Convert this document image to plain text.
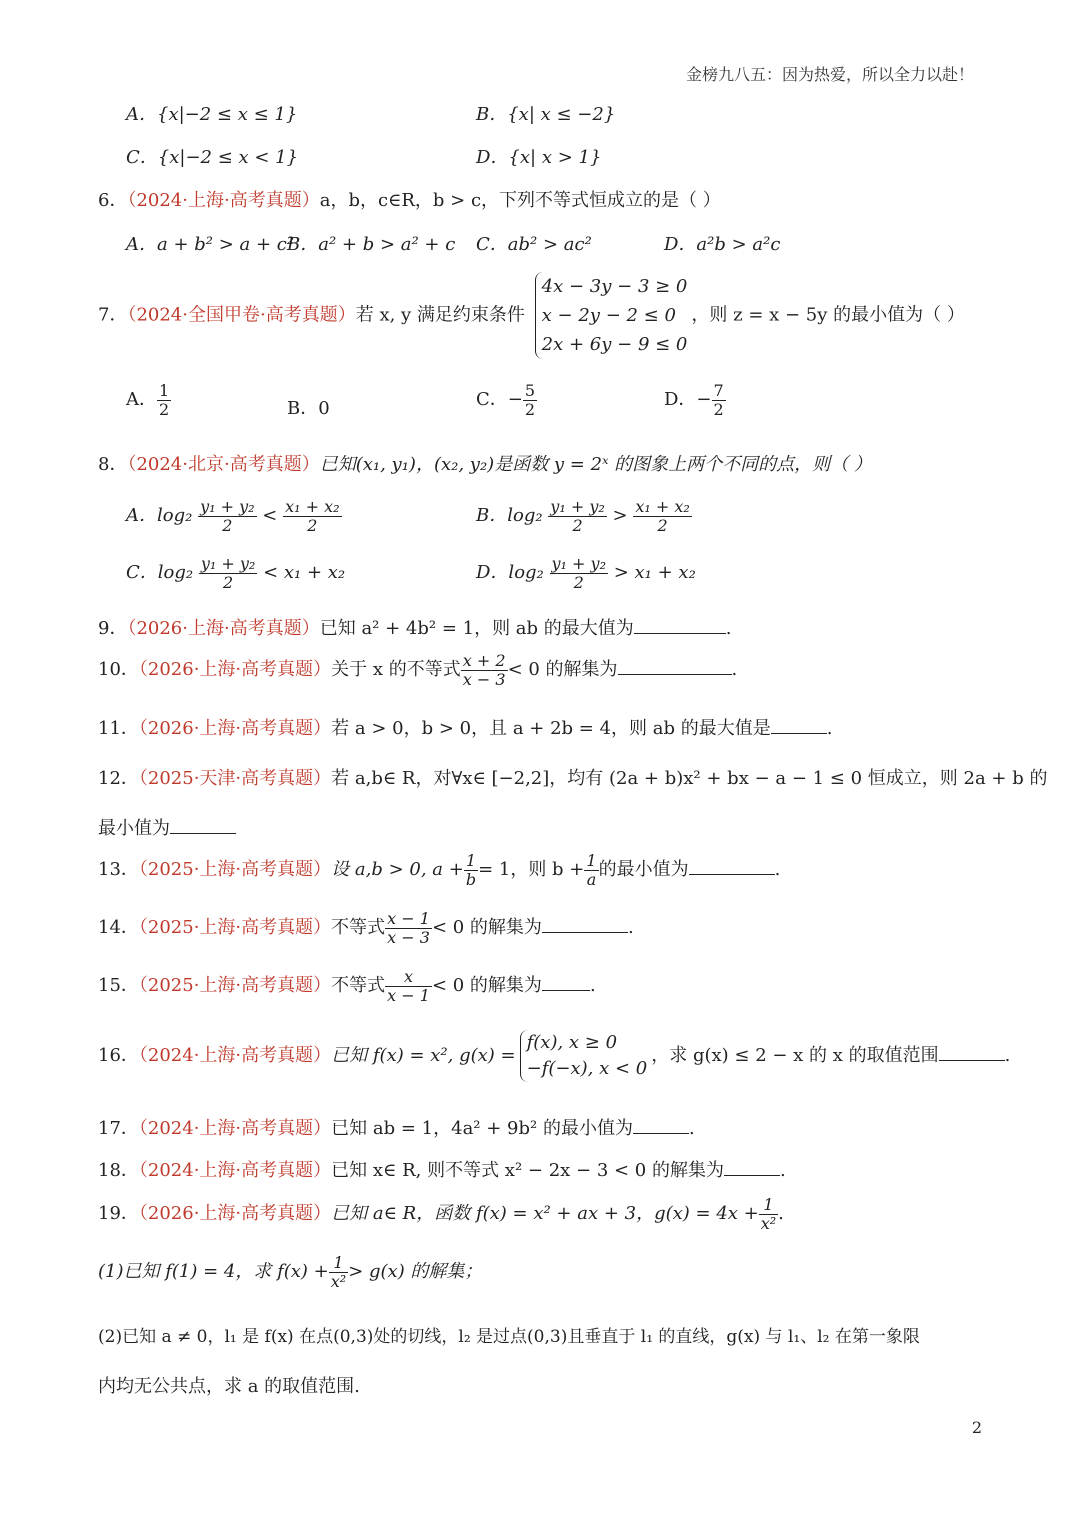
金榜九八五：因为热爱，所以全力以赴！
A．{x|−2 ≤ x ≤ 1}	B．{x| x ≤ −2}
C．{x|−2 ≤ x < 1}	D．{x| x > 1}
6．（2024·上海·高考真题）a，b，c∈R，b > c，下列不等式恒成立的是（ ）
A．a + b² > a + c²
B．a² + b > a² + c C．ab² > ac²	D．a²b > a²c
7．（2024·全国甲卷·高考真题）若 x, y 满足约束条件
4x − 3y − 3 ≥ 0
x − 2y − 2 ≤ 0
2x + 6y − 9 ≤ 0
，则 z = x − 5y 的最小值为（ ）
A． $\frac{1}{2}$	B．0	C．− $\frac{5}{2}$	D．− $\frac{7}{2}$
8．（2024·北京·高考真题）已知(x₁, y₁)，(x₂, y₂)是函数 y = 2ˣ 的图象上两个不同的点，则（ ）
A．$\log_2 \frac{\text{y₁ + y₂}}{2} < \frac{\text{x₁ + x₂}}{2}$	B．$\log_2 \frac{\text{y₁ + y₂}}{2} > \frac{\text{x₁ + x₂}}{2}$
C．$\log_2 \frac{\text{y₁ + y₂}}{2} < x_1 + x_2$	D．$\log_2 \frac{\text{y₁ + y₂}}{2} > x_1 + x_2$
9．（2026·上海·高考真题）已知 a² + 4b² = 1，则 ab 的最大值为	.
10．（2026·上海·高考真题）关于 x 的不等式 $\frac{x + 2}{x - 3} < 0$ 的解集为	.
11．（2026·上海·高考真题）若 a > 0，b > 0，且 a + 2b = 4，则 ab 的最大值是	.
12．（2025·天津·高考真题）若 a,b∈ R，对∀x∈ [−2,2]，均有 (2a + b)x² + bx − a − 1 ≤ 0 恒成立，则 2a + b 的
最小值为
13．（2025·上海·高考真题）设 a,b > 0, $a + \frac{1}{b} = 1$，则 $b + \frac{1}{a}$ 的最小值为	.
14．（2025·上海·高考真题）不等式 $\frac{x - 1}{x - 3} < 0$ 的解集为	.
15．（2025·上海·高考真题）不等式 $\frac{x}{x - 1} < 0$ 的解集为	.
16．（2024·上海·高考真题）已知 f(x) = x², g(x) =
f(x), x ≥ 0
−f(−x), x < 0
，求 g(x) ≤ 2 − x 的 x 的取值范围	.
17．（2024·上海·高考真题）已知 ab = 1，4a² + 9b² 的最小值为	.
18．（2024·上海·高考真题）已知 x∈ R, 则不等式 x² − 2x − 3 < 0 的解集为	.
19．（2026·上海·高考真题）已知 a∈ R，函数 f(x) = x² + ax + 3，$g(x) = 4x + \frac{1}{\text{x²}}$ .
(1)已知 f(1) = 4，求 $f(x) + \frac{1}{\text{x²}} > g(x)$ 的解集；
(2)已知 a ≠ 0，l₁ 是 f(x) 在点(0,3)处的切线，l₂ 是过点(0,3)且垂直于 l₁ 的直线，g(x) 与 l₁、l₂ 在第一象限
内均无公共点，求 a 的取值范围.
2
